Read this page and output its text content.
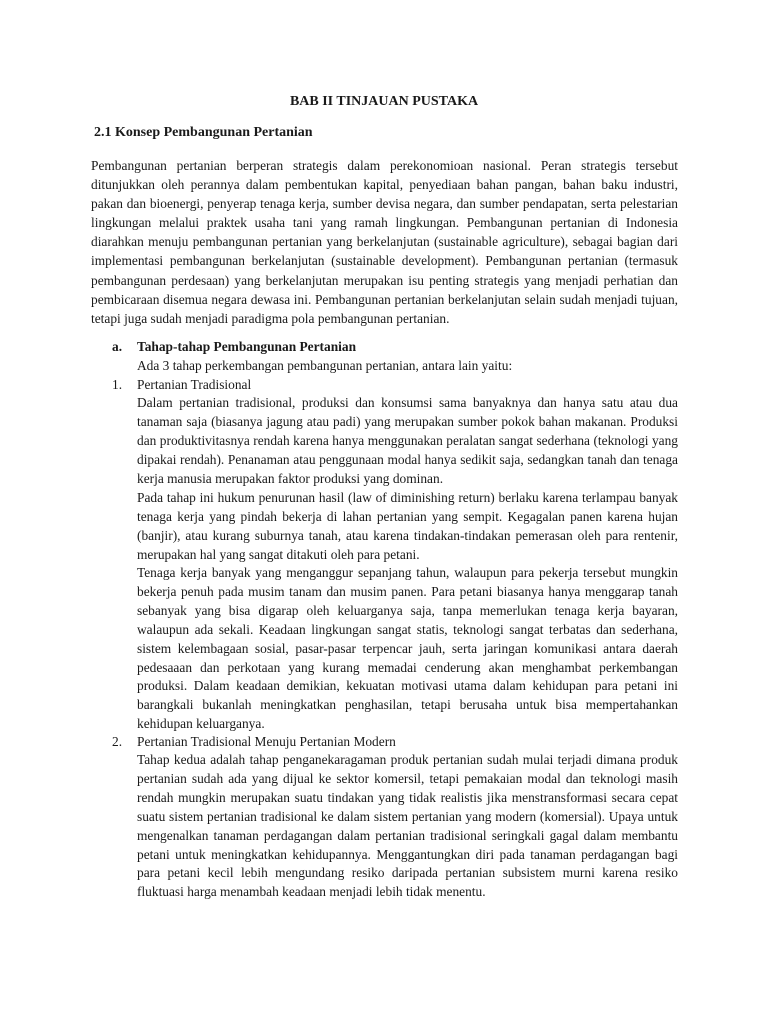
BAB II TINJAUAN PUSTAKA
2.1 Konsep Pembangunan Pertanian

Pembangunan pertanian berperan strategis dalam perekonomioan nasional. Peran strategis tersebut ditunjukkan oleh perannya dalam pembentukan kapital, penyediaan bahan pangan, bahan baku industri, pakan dan bioenergi, penyerap tenaga kerja, sumber devisa negara, dan sumber pendapatan, serta pelestarian lingkungan melalui praktek usaha tani yang ramah lingkungan. Pembangunan pertanian di Indonesia diarahkan menuju pembangunan pertanian yang berkelanjutan (sustainable agriculture), sebagai bagian dari implementasi pembangunan berkelanjutan (sustainable development). Pembangunan pertanian (termasuk pembangunan perdesaan) yang berkelanjutan merupakan isu penting strategis yang menjadi perhatian dan pembicaraan disemua negara dewasa ini. Pembangunan pertanian berkelanjutan selain sudah menjadi tujuan, tetapi juga sudah menjadi paradigma pola pembangunan pertanian.

a. Tahap-tahap Pembangunan Pertanian
Ada 3 tahap perkembangan pembangunan pertanian, antara lain yaitu:
1. Pertanian Tradisional

Dalam pertanian tradisional, produksi dan konsumsi sama banyaknya dan hanya satu atau dua tanaman saja (biasanya jagung atau padi) yang merupakan sumber pokok bahan makanan. Produksi dan produktivitasnya rendah karena hanya menggunakan peralatan sangat sederhana (teknologi yang dipakai rendah). Penanaman atau penggunaan modal hanya sedikit saja, sedangkan tanah dan tenaga kerja manusia merupakan faktor produksi yang dominan.

Pada tahap ini hukum penurunan hasil (law of diminishing return) berlaku karena terlampau banyak tenaga kerja yang pindah bekerja di lahan pertanian yang sempit. Kegagalan panen karena hujan (banjir), atau kurang suburnya tanah, atau karena tindakan-tindakan pemerasan oleh para rentenir, merupakan hal yang sangat ditakuti oleh para petani.

Tenaga kerja banyak yang menganggur sepanjang tahun, walaupun para pekerja tersebut mungkin bekerja penuh pada musim tanam dan musim panen. Para petani biasanya hanya menggarap tanah sebanyak yang bisa digarap oleh keluarganya saja, tanpa memerlukan tenaga kerja bayaran, walaupun ada sekali. Keadaan lingkungan sangat statis, teknologi sangat terbatas dan sederhana, sistem kelembagaan sosial, pasar-pasar terpencar jauh, serta jaringan komunikasi antara daerah pedesaaan dan perkotaan yang kurang memadai cenderung akan menghambat perkembangan produksi. Dalam keadaan demikian, kekuatan motivasi utama dalam kehidupan para petani ini barangkali bukanlah meningkatkan penghasilan, tetapi berusaha untuk bisa mempertahankan kehidupan keluarganya.

2. Pertanian Tradisional Menuju Pertanian Modern

Tahap kedua adalah tahap penganekaragaman produk pertanian sudah mulai terjadi dimana produk pertanian sudah ada yang dijual ke sektor komersil, tetapi pemakaian modal dan teknologi masih rendah mungkin merupakan suatu tindakan yang tidak realistis jika menstransformasi secara cepat suatu sistem pertanian tradisional ke dalam sistem pertanian yang modern (komersial). Upaya untuk mengenalkan tanaman perdagangan dalam pertanian tradisional seringkali gagal dalam membantu petani untuk meningkatkan kehidupannya. Menggantungkan diri pada tanaman perdagangan bagi para petani kecil lebih mengundang resiko daripada pertanian subsistem murni karena resiko fluktuasi harga menambah keadaan menjadi lebih tidak menentu.
